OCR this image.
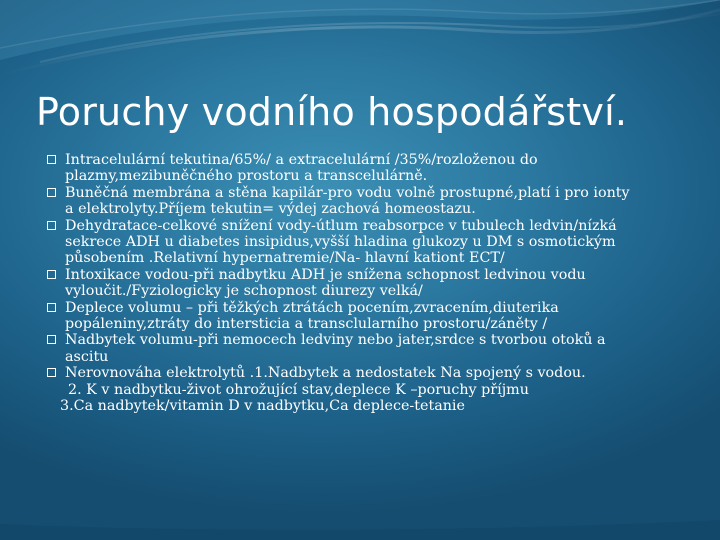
Poruchy vodního hospodářství.
Intracelulární tekutina/65%/ a extracelulární /35%/rozloženou do
plazmy,mezibuněčného prostoru a transcelulárně.
Buněčná membrána a stěna kapilár-pro vodu volně prostupné,platí i pro ionty
a elektrolyty.Příjem tekutin= výdej zachová homeostazu.
Dehydratace-celkové snížení vody-útlum reabsorpce v tubulech ledvin/nízká
sekrece ADH u diabetes insipidus,vyšší hladina glukozy u DM s osmotickým
působením .Relativní hypernatremie/Na- hlavní kationt ECT/
Intoxikace vodou-při nadbytku ADH je snížena schopnost ledvinou vodu
vyloučit./Fyziologicky je schopnost diurezy velká/
Deplece volumu – při těžkých ztrátách pocením,zvracením,diuterika
popáleniny,ztráty do intersticia a transclularního prostoru/záněty /
Nadbytek volumu-při nemocech ledviny nebo jater,srdce s tvorbou otoků a
ascitu
Nerovnováha elektrolytů .1.Nadbytek a nedostatek Na spojený s vodou.
2. K v nadbytku-život ohrožující stav,deplece K –poruchy příjmu
3.Ca nadbytek/vitamin D v nadbytku,Ca deplece-tetanie
